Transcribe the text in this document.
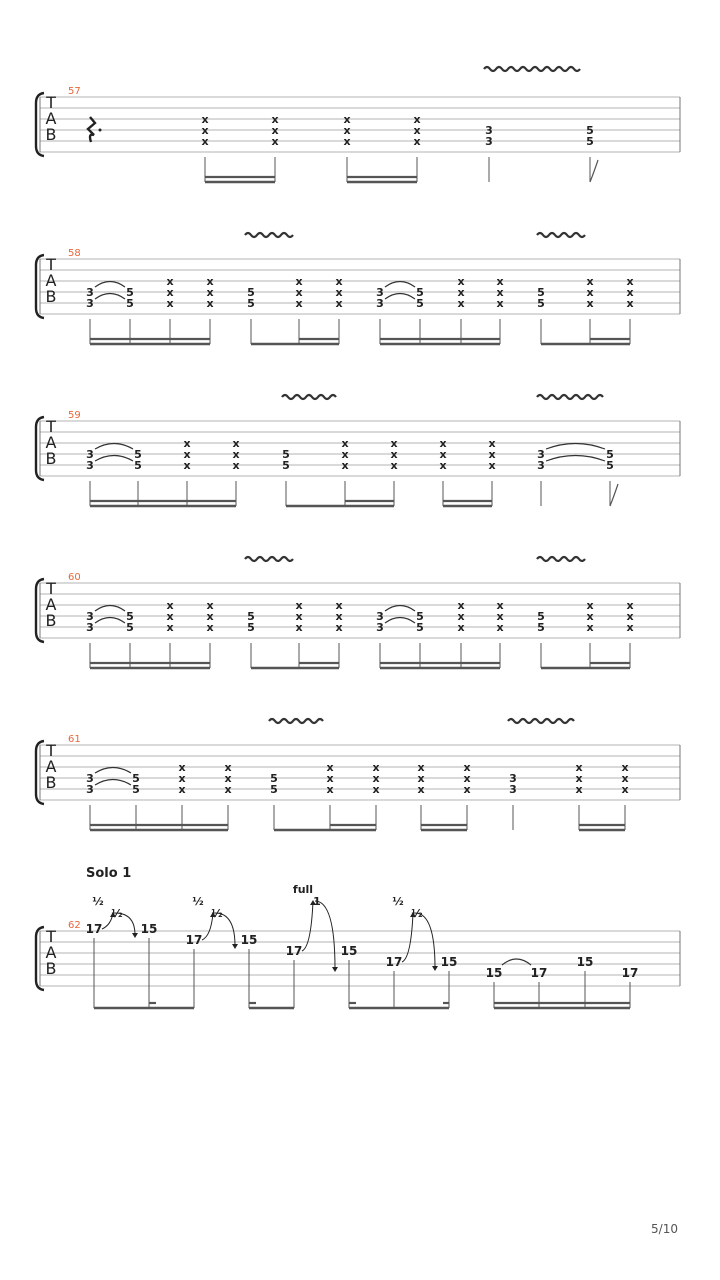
T
A
B
57
x
x
x
x
x
x
x
x
x
x
x
x
3
3
5
5
T
A
B
58
3
3
5
5
x
x
x
x
x
x
5
5
x
x
x
x
x
x
3
3
5
5
x
x
x
x
x
x
5
5
x
x
x
x
x
x
T
A
B
59
3
3
5
5
x
x
x
x
x
x
5
5
x
x
x
x
x
x
x
x
x
x
x
x
3
3
5
5
T
A
B
60
3
3
5
5
x
x
x
x
x
x
5
5
x
x
x
x
x
x
3
3
5
5
x
x
x
x
x
x
5
5
x
x
x
x
x
x
T
A
B
61
3
3
5
5
x
x
x
x
x
x
5
5
x
x
x
x
x
x
x
x
x
x
x
x
3
3
x
x
x
x
x
x
T
A
B
Solo 1
62 17
½
½
15
17
½
½
15
17
full
1
15
17
½
½
15
15 17
15
17
5/10
